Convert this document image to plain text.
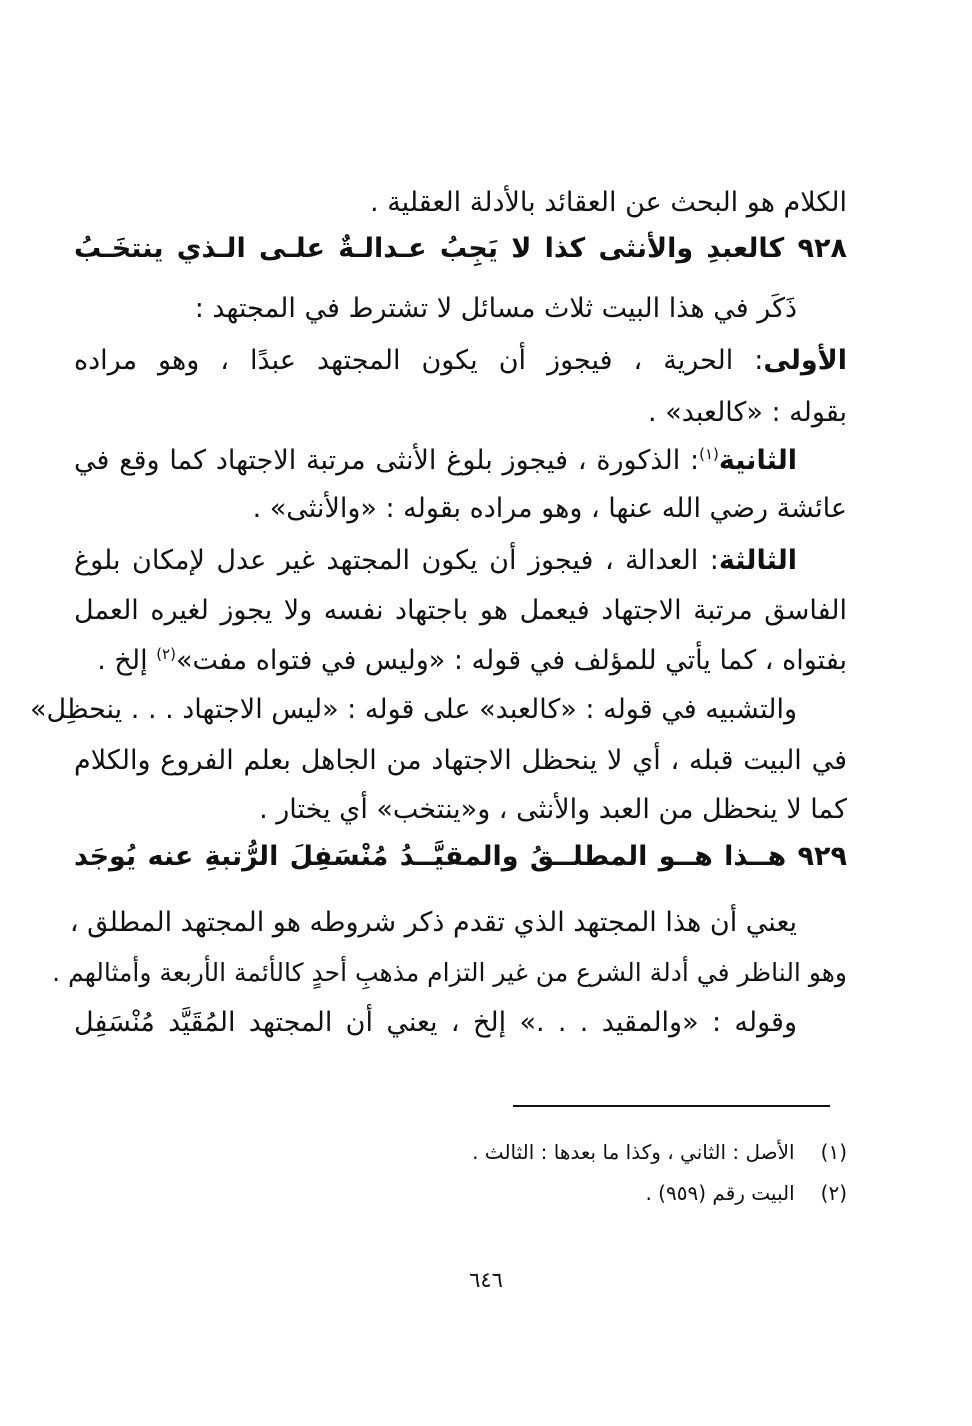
الكلام هو البحث عن العقائد بالأدلة العقلية .
٩٢٨ كالعبدِ والأنثى كذا لا يَجِبُ عـدالـةٌ علـى الـذي ينتخَـبُ
ذَكَر في هذا البيت ثلاث مسائل لا تشترط في المجتهد :
الأولى: الحرية ، فيجوز أن يكون المجتهد عبدًا ، وهو مراده
بقوله : «كالعبد» .
الثانية$^{(١)}$: الذكورة ، فيجوز بلوغ الأنثى مرتبة الاجتهاد كما وقع في
عائشة رضي الله عنها ، وهو مراده بقوله : «والأنثى» .
الثالثة: العدالة ، فيجوز أن يكون المجتهد غير عدل لإمكان بلوغ
الفاسق مرتبة الاجتهاد فيعمل هو باجتهاد نفسه ولا يجوز لغيره العمل
بفتواه ، كما يأتي للمؤلف في قوله : «وليس في فتواه مفت»$^{(٢)}$ إلخ .
والتشبيه في قوله : «كالعبد» على قوله : «ليس الاجتهاد . . . ينحظِل»
في البيت قبله ، أي لا ينحظل الاجتهاد من الجاهل بعلم الفروع والكلام
كما لا ينحظل من العبد والأنثى ، و«ينتخب» أي يختار .
٩٢٩ هــذا هــو المطلــقُ والمقيَّــدُ مُنْسَفِلَ الرُّتبةِ عنه يُوجَد
يعني أن هذا المجتهد الذي تقدم ذكر شروطه هو المجتهد المطلق ،
وهو الناظر في أدلة الشرع من غير التزام مذهبِ أحدٍ كالأئمة الأربعة وأمثالهم .
وقوله : «والمقيد . . .» إلخ ، يعني أن المجتهد المُقَيَّد مُنْسَفِل
(١)الأصل : الثاني ، وكذا ما بعدها : الثالث .
(٢)البيت رقم (٩٥٩) .
٦٤٦
